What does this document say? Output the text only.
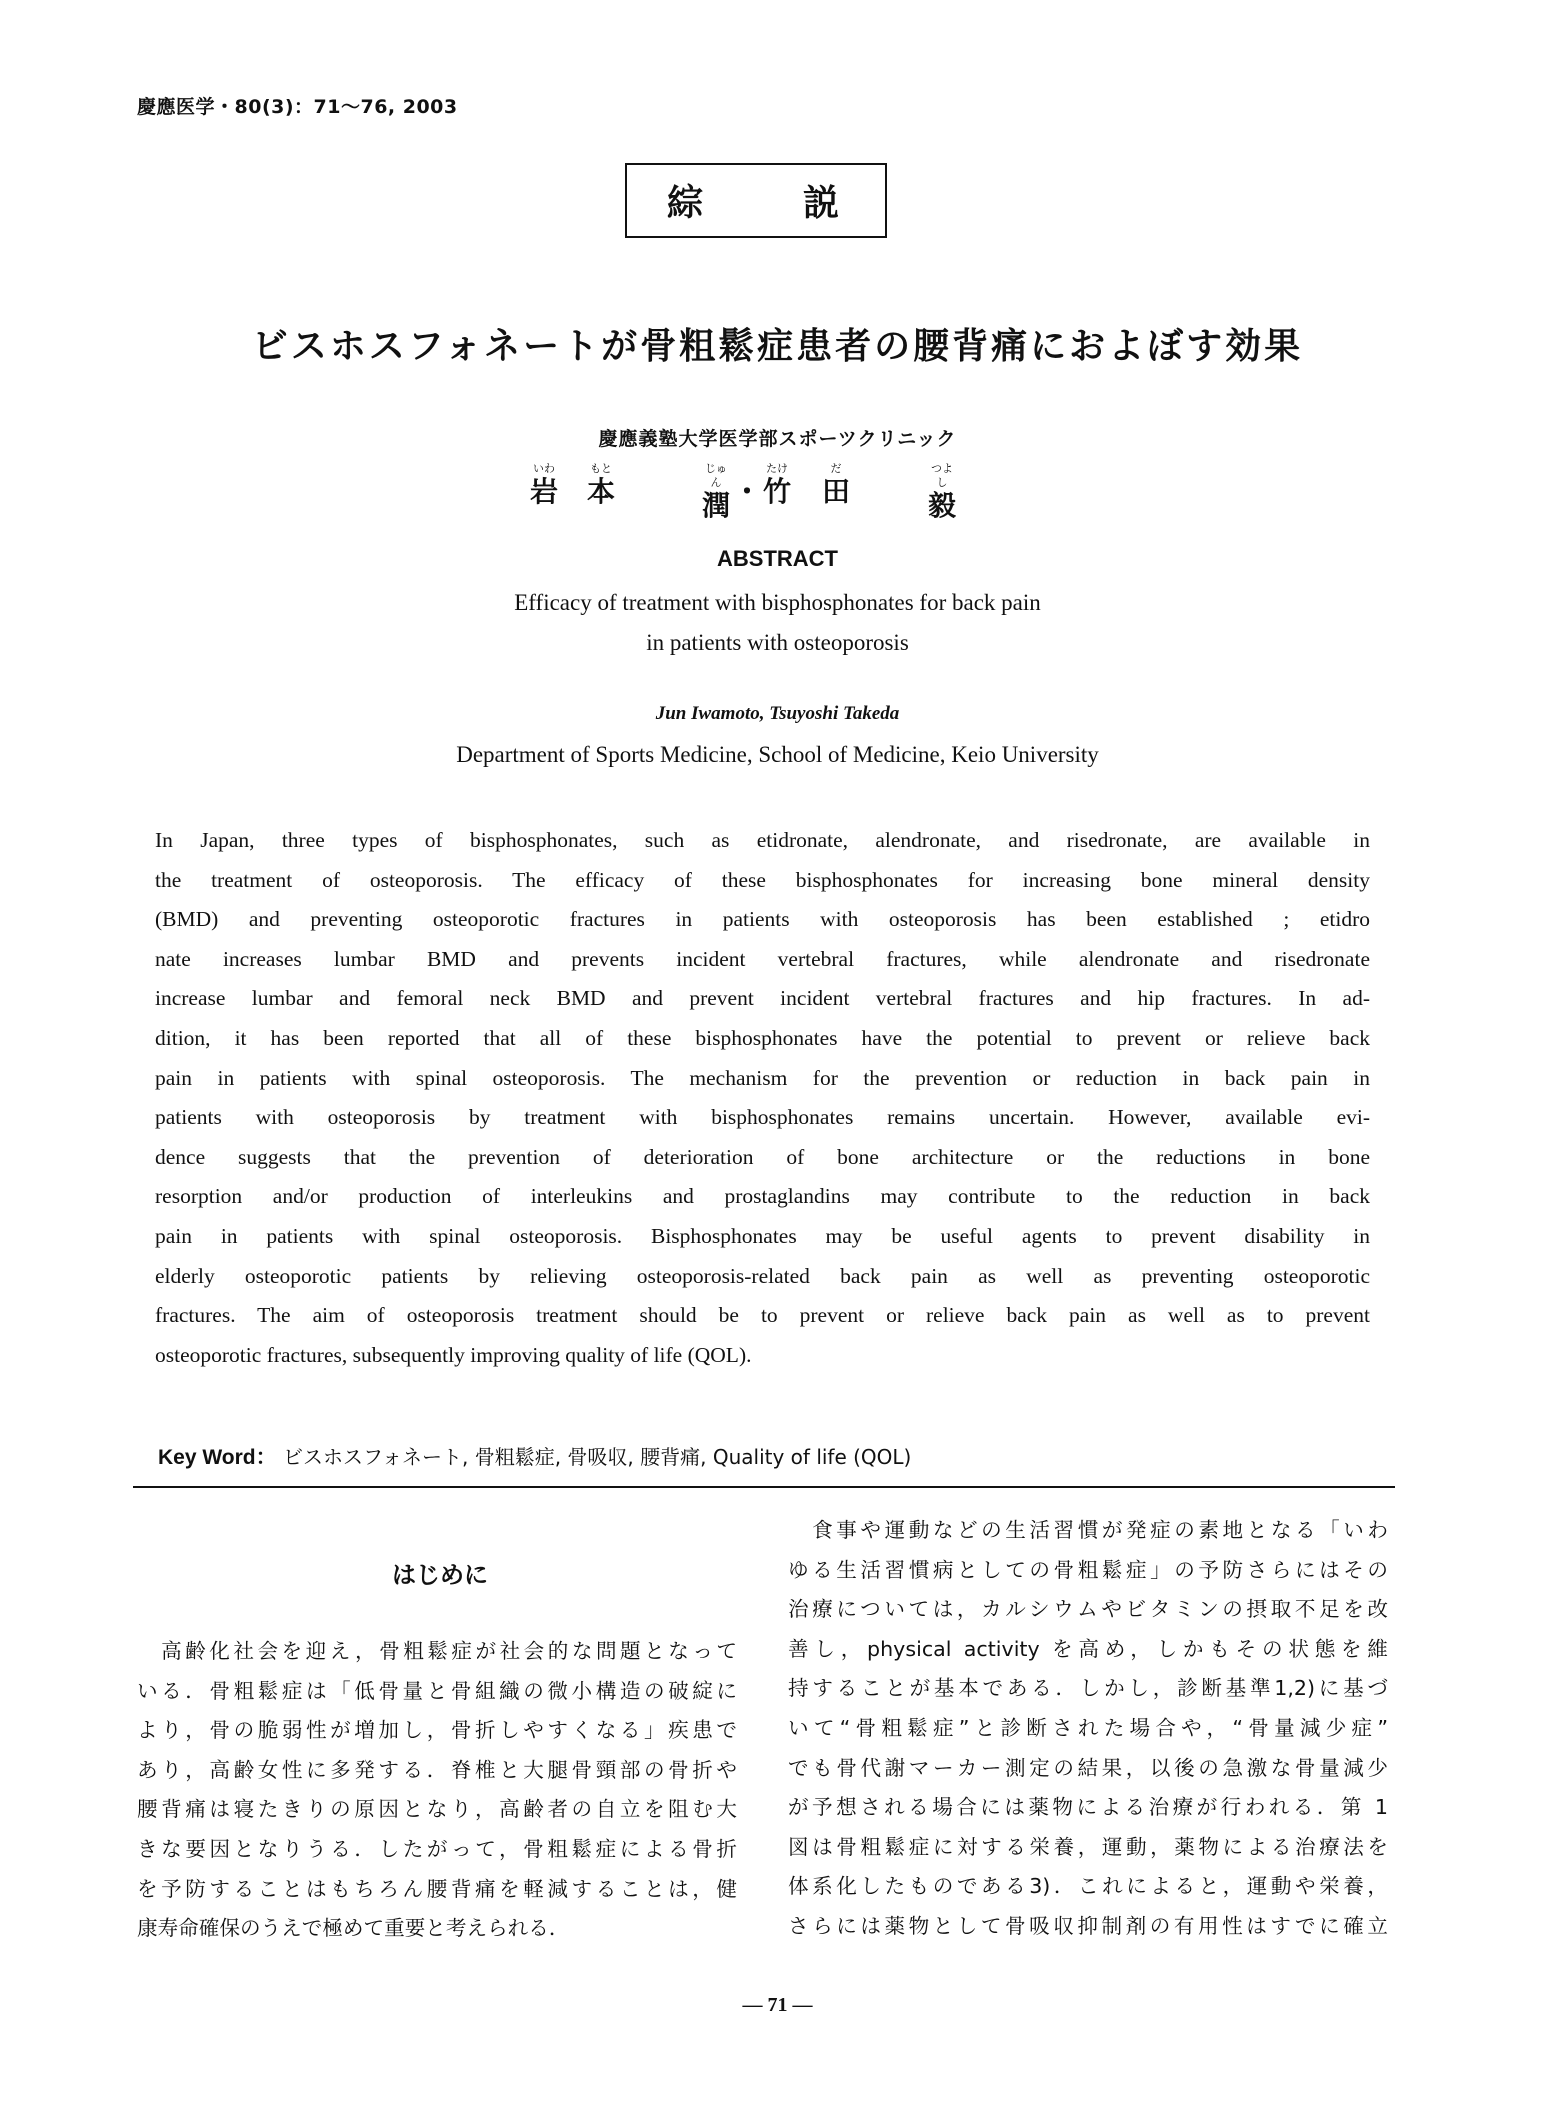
慶應医学・80(3)：71〜76, 2003
綜	説
ビスホスフォネートが骨粗鬆症患者の腰背痛におよぼす効果
慶應義塾大学医学部スポーツクリニック
いわ
岩
もと
本
じゅん
潤
・
たけ
竹
だ
田
つよし
毅
ABSTRACT
Efficacy of treatment with bisphosphonates for back pain
in patients with osteoporosis
Jun Iwamoto, Tsuyoshi Takeda
Department of Sports Medicine, School of Medicine, Keio University
In Japan, three types of bisphosphonates, such as etidronate, alendronate, and risedronate, are available in
the treatment of osteoporosis. The efficacy of these bisphosphonates for increasing bone mineral density
(BMD) and preventing osteoporotic fractures in patients with osteoporosis has been established ; etidro
nate increases lumbar BMD and prevents incident vertebral fractures, while alendronate and risedronate
increase lumbar and femoral neck BMD and prevent incident vertebral fractures and hip fractures. In ad-
dition, it has been reported that all of these bisphosphonates have the potential to prevent or relieve back
pain in patients with spinal osteoporosis. The mechanism for the prevention or reduction in back pain in
patients with osteoporosis by treatment with bisphosphonates remains uncertain. However, available evi-
dence suggests that the prevention of deterioration of bone architecture or the reductions in bone
resorption and/or production of interleukins and prostaglandins may contribute to the reduction in back
pain in patients with spinal osteoporosis. Bisphosphonates may be useful agents to prevent disability in
elderly osteoporotic patients by relieving osteoporosis-related back pain as well as preventing osteoporotic
fractures. The aim of osteoporosis treatment should be to prevent or relieve back pain as well as to prevent
osteoporotic fractures, subsequently improving quality of life (QOL).
Key Word： ビスホスフォネート, 骨粗鬆症, 骨吸収, 腰背痛, Quality of life (QOL)
はじめに
　高齢化社会を迎え，骨粗鬆症が社会的な問題となって
いる．骨粗鬆症は「低骨量と骨組織の微小構造の破綻に
より，骨の脆弱性が増加し，骨折しやすくなる」疾患で
あり，高齢女性に多発する．脊椎と大腿骨頸部の骨折や
腰背痛は寝たきりの原因となり，高齢者の自立を阻む大
きな要因となりうる．したがって，骨粗鬆症による骨折
を予防することはもちろん腰背痛を軽減することは，健
康寿命確保のうえで極めて重要と考えられる．
　食事や運動などの生活習慣が発症の素地となる「いわ
ゆる生活習慣病としての骨粗鬆症」の予防さらにはその
治療については，カルシウムやビタミンの摂取不足を改
善し，physical activity を高め，しかもその状態を維
持することが基本である．しかし，診断基準1,2)に基づ
いて“骨粗鬆症”と診断された場合や，“骨量減少症”
でも骨代謝マーカー測定の結果，以後の急激な骨量減少
が予想される場合には薬物による治療が行われる．第 1
図は骨粗鬆症に対する栄養，運動，薬物による治療法を
体系化したものである3)．これによると，運動や栄養，
さらには薬物として骨吸収抑制剤の有用性はすでに確立
— 71 —
